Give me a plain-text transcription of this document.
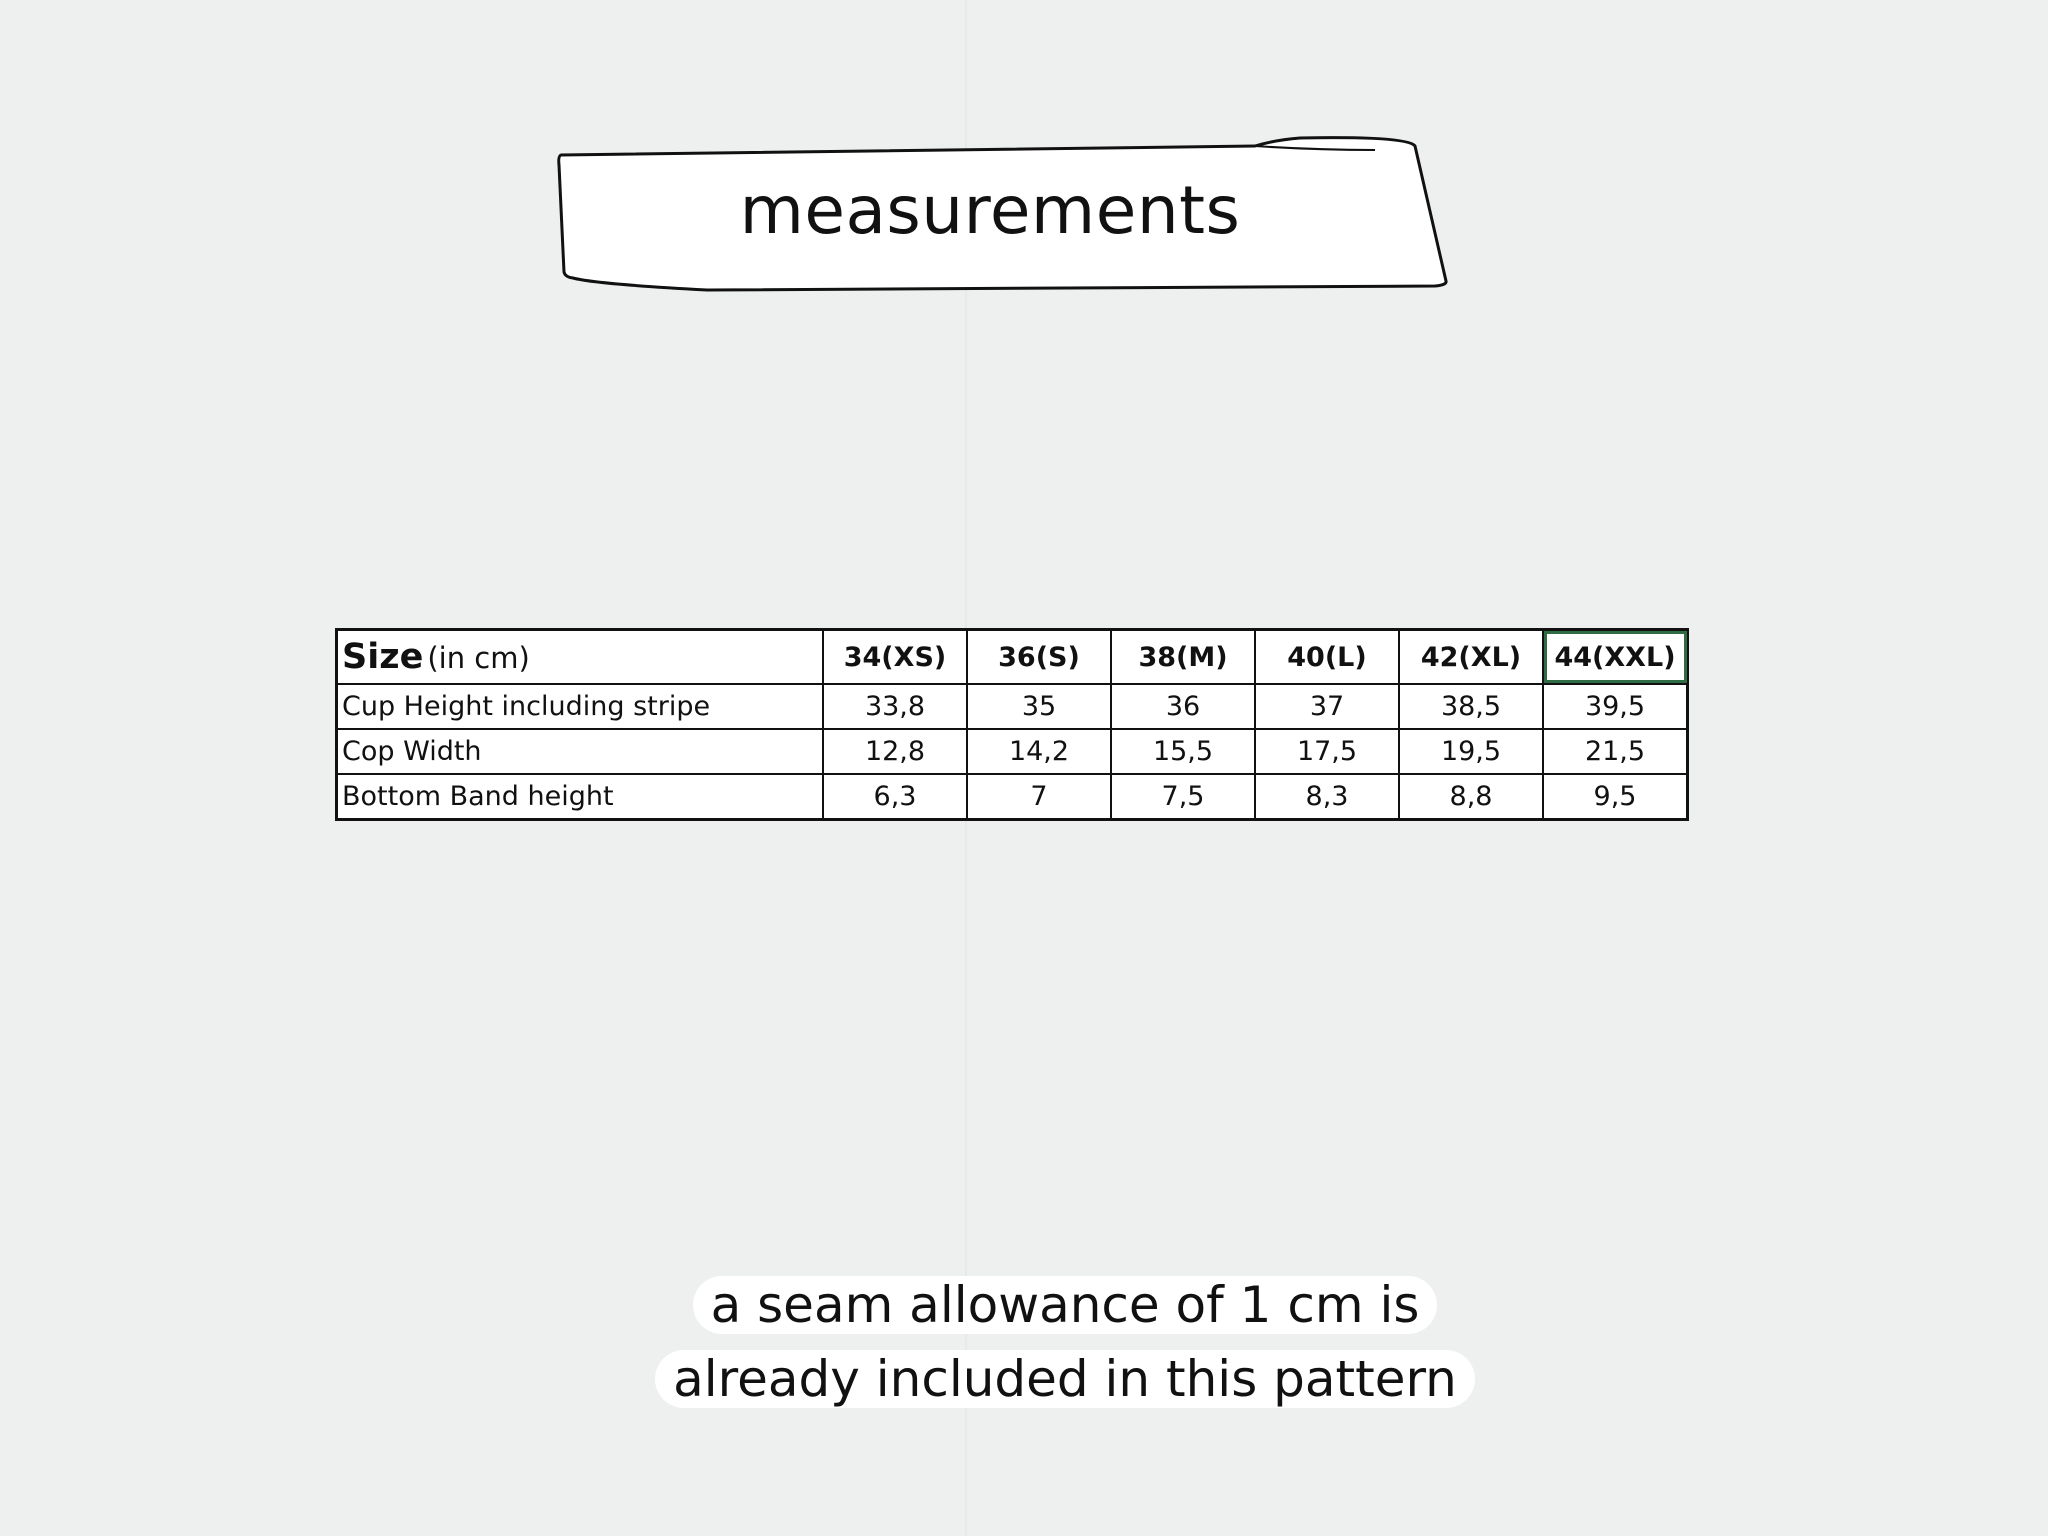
measurements
Size (in cm)	34(XS)	36(S)	38(M)	40(L)	42(XL)	44(XXL)
Cup Height including stripe	33,8	35	36	37	38,5	39,5
Cop Width	12,8	14,2	15,5	17,5	19,5	21,5
Bottom Band height	6,3	7	7,5	8,3	8,8	9,5
a seam allowance of 1 cm is
already included in this pattern
